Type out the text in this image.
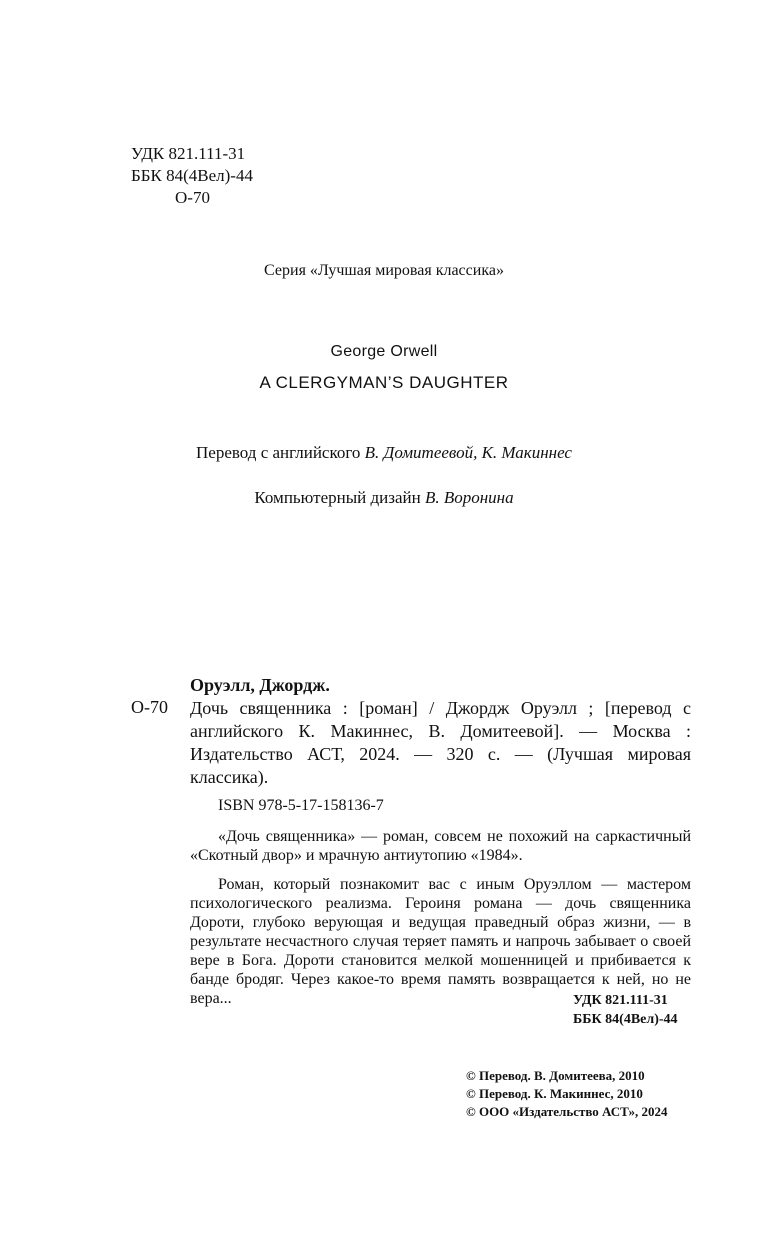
УДК 821.111-31
ББК 84(4Вел)-44
О-70
Серия «Лучшая мировая классика»
George Orwell
A CLERGYMAN’S DAUGHTER
Перевод с английского В. Домитеевой, К. Макиннес
Компьютерный дизайн В. Воронина
Оруэлл, Джордж.
О-70 Дочь священника : [роман] / Джордж Оруэлл ; [перевод с английского К. Макиннес, В. Домитеевой]. — Москва : Издательство АСТ, 2024. — 320 с. — (Лучшая мировая классика).
ISBN 978-5-17-158136-7
«Дочь священника» — роман, совсем не похожий на саркастичный «Скотный двор» и мрачную антиутопию «1984».
Роман, который познакомит вас с иным Оруэллом — мастером психологического реализма. Героиня романа — дочь священника Дороти, глубоко верующая и ведущая праведный образ жизни, — в результате несчастного случая теряет память и напрочь забывает о своей вере в Бога. Дороти становится мелкой мошенницей и прибивается к банде бродяг. Через какое-то время память возвращается к ней, но не вера...	УДК 821.111-31
ББК 84(4Вел)-44
© Перевод. В. Домитеева, 2010
© Перевод. К. Макиннес, 2010
© ООО «Издательство АСТ», 2024
